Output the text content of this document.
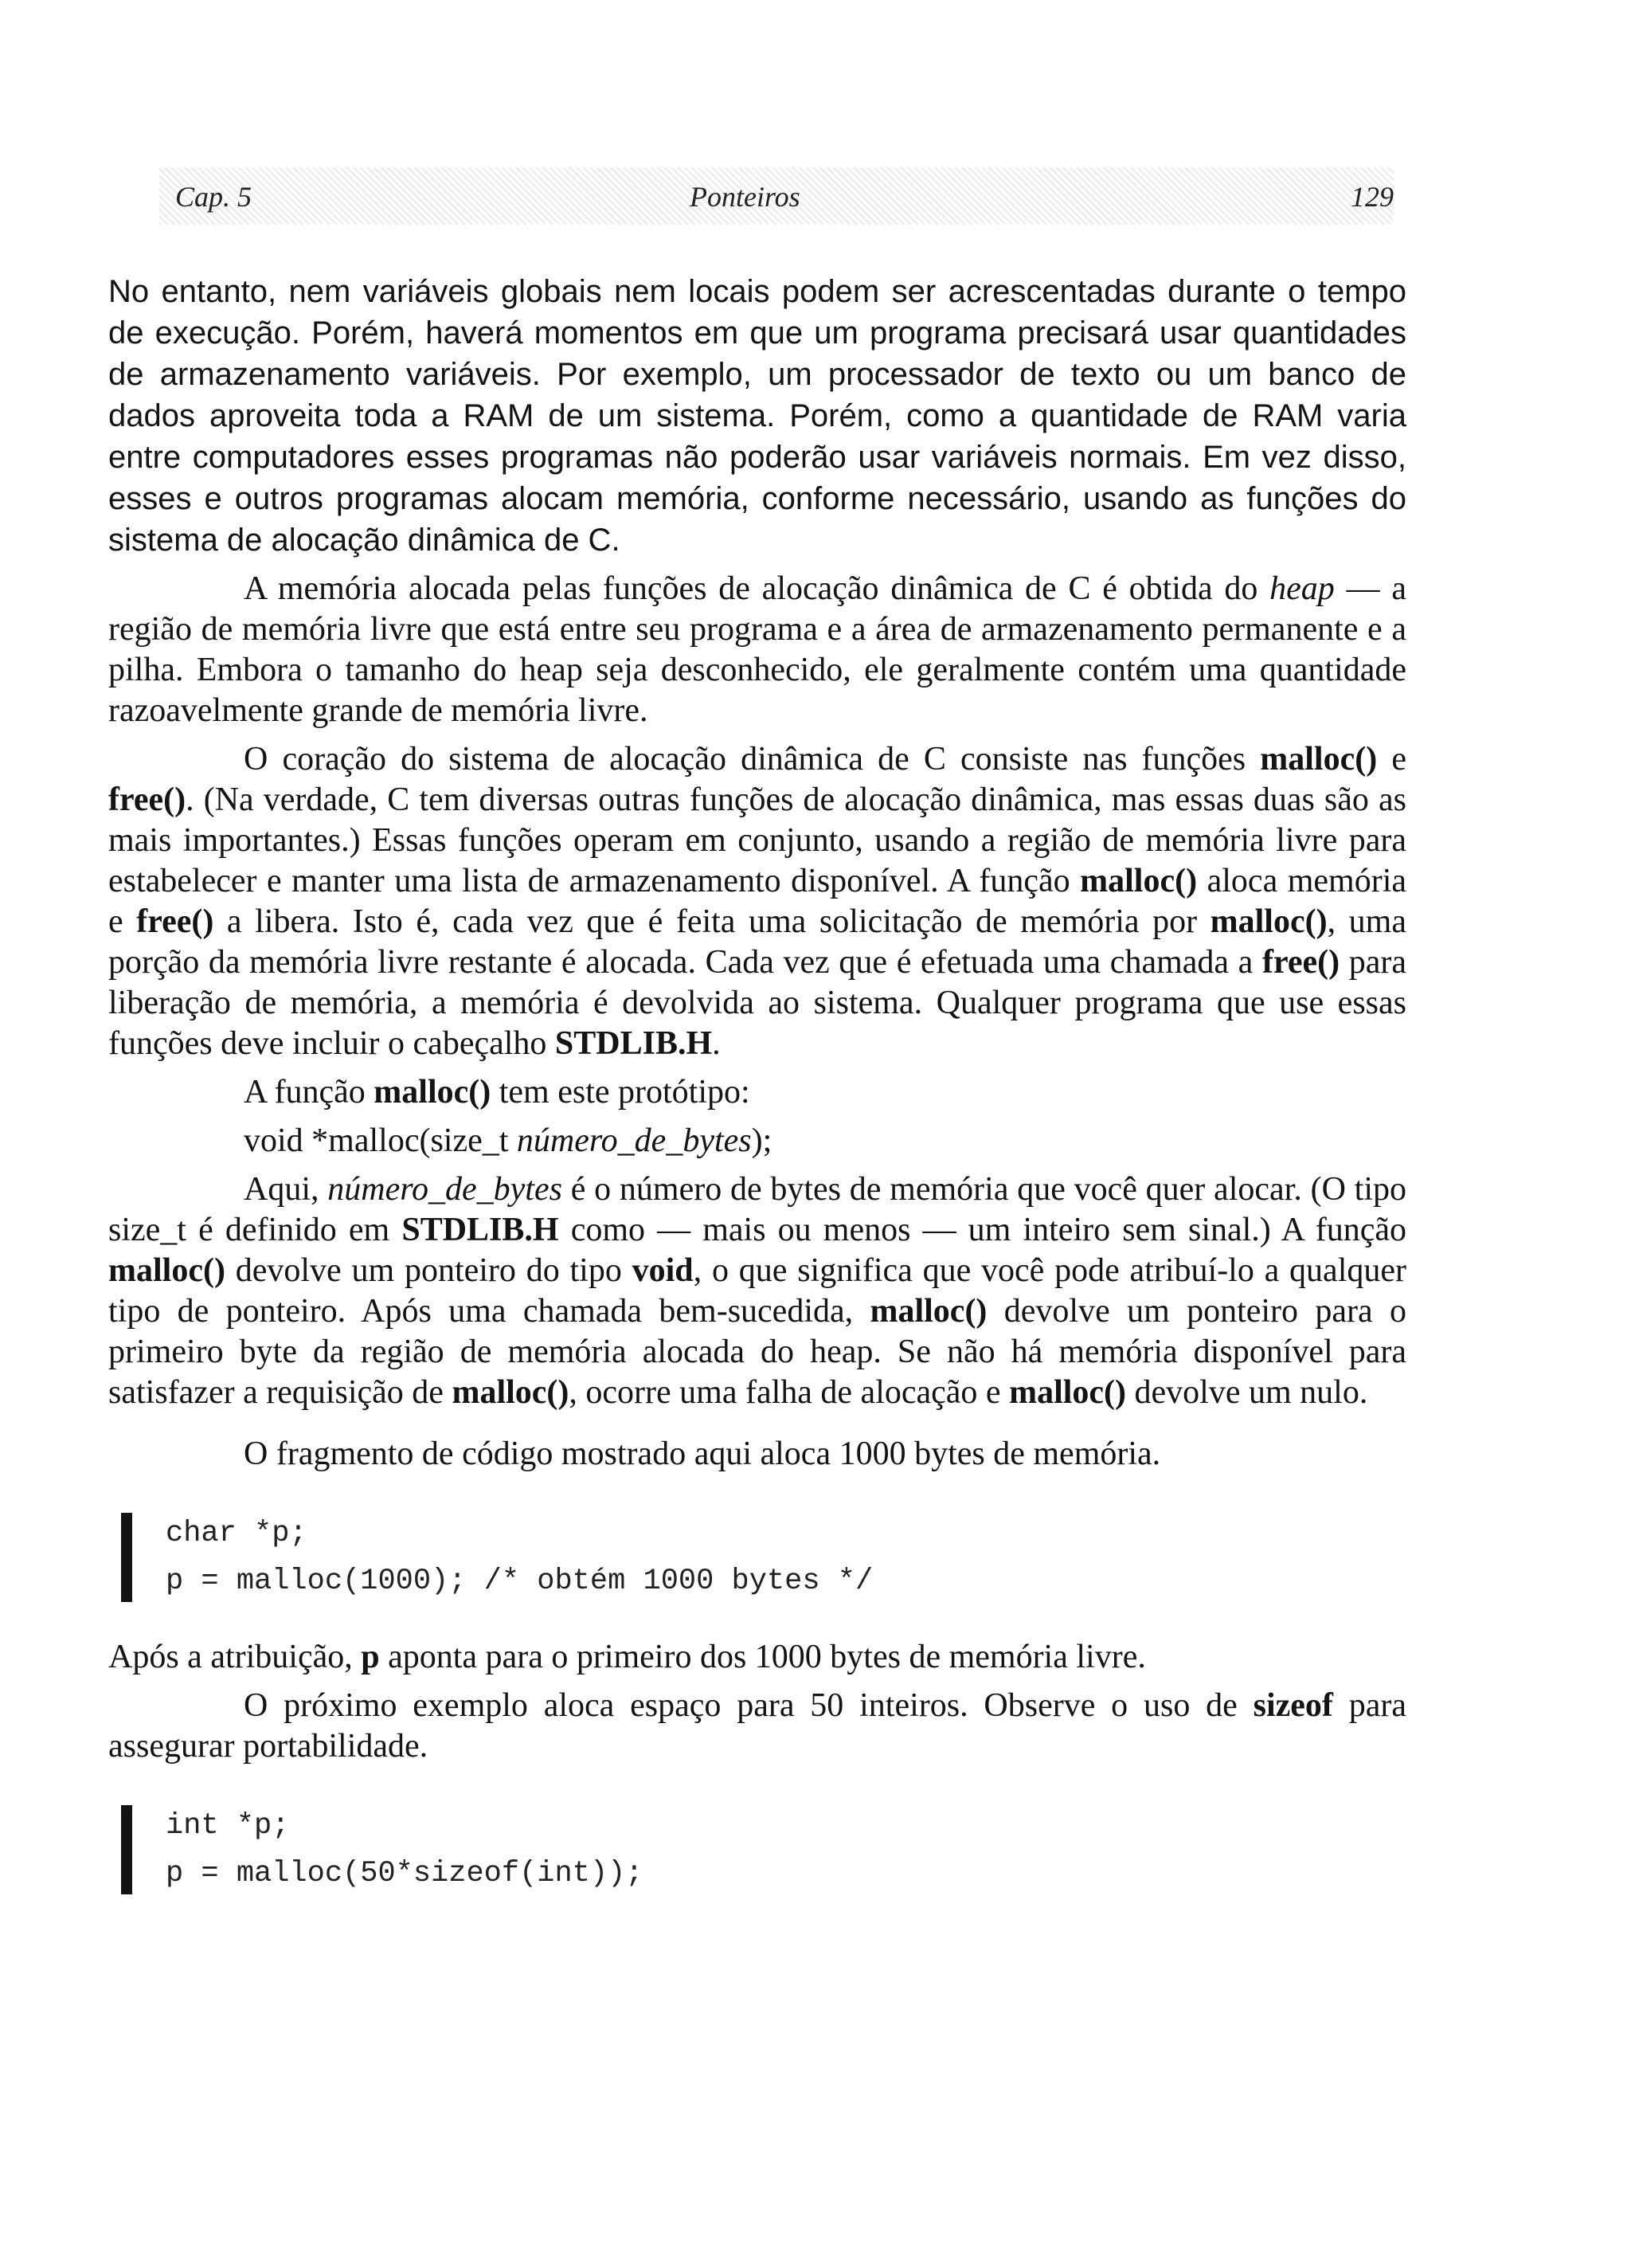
Cap. 5	Ponteiros	129

No entanto, nem variáveis globais nem locais podem ser acrescentadas durante o tempo de execução. Porém, haverá momentos em que um programa precisará usar quantidades de armazenamento variáveis. Por exemplo, um processador de texto ou um banco de dados aproveita toda a RAM de um sistema. Porém, como a quantidade de RAM varia entre computadores esses programas não poderão usar variáveis normais. Em vez disso, esses e outros programas alocam memória, conforme necessário, usando as funções do sistema de alocação dinâmica de C.

A memória alocada pelas funções de alocação dinâmica de C é obtida do heap — a região de memória livre que está entre seu programa e a área de armazenamento permanente e a pilha. Embora o tamanho do heap seja desconhecido, ele geralmente contém uma quantidade razoavelmente grande de memória livre.

O coração do sistema de alocação dinâmica de C consiste nas funções malloc() e free(). (Na verdade, C tem diversas outras funções de alocação dinâmica, mas essas duas são as mais importantes.) Essas funções operam em conjunto, usando a região de memória livre para estabelecer e manter uma lista de armazenamento disponível. A função malloc() aloca memória e free() a libera. Isto é, cada vez que é feita uma solicitação de memória por malloc(), uma porção da memória livre restante é alocada. Cada vez que é efetuada uma chamada a free() para liberação de memória, a memória é devolvida ao sistema. Qualquer programa que use essas funções deve incluir o cabeçalho STDLIB.H.

A função malloc() tem este protótipo:

void *malloc(size_t número_de_bytes);

Aqui, número_de_bytes é o número de bytes de memória que você quer alocar. (O tipo size_t é definido em STDLIB.H como — mais ou menos — um inteiro sem sinal.) A função malloc() devolve um ponteiro do tipo void, o que significa que você pode atribuí-lo a qualquer tipo de ponteiro. Após uma chamada bem-sucedida, malloc() devolve um ponteiro para o primeiro byte da região de memória alocada do heap. Se não há memória disponível para satisfazer a requisição de malloc(), ocorre uma falha de alocação e malloc() devolve um nulo.

O fragmento de código mostrado aqui aloca 1000 bytes de memória.

char *p;
p = malloc(1000); /* obtém 1000 bytes */

Após a atribuição, p aponta para o primeiro dos 1000 bytes de memória livre.

O próximo exemplo aloca espaço para 50 inteiros. Observe o uso de sizeof para assegurar portabilidade.

int *p;
p = malloc(50*sizeof(int));
